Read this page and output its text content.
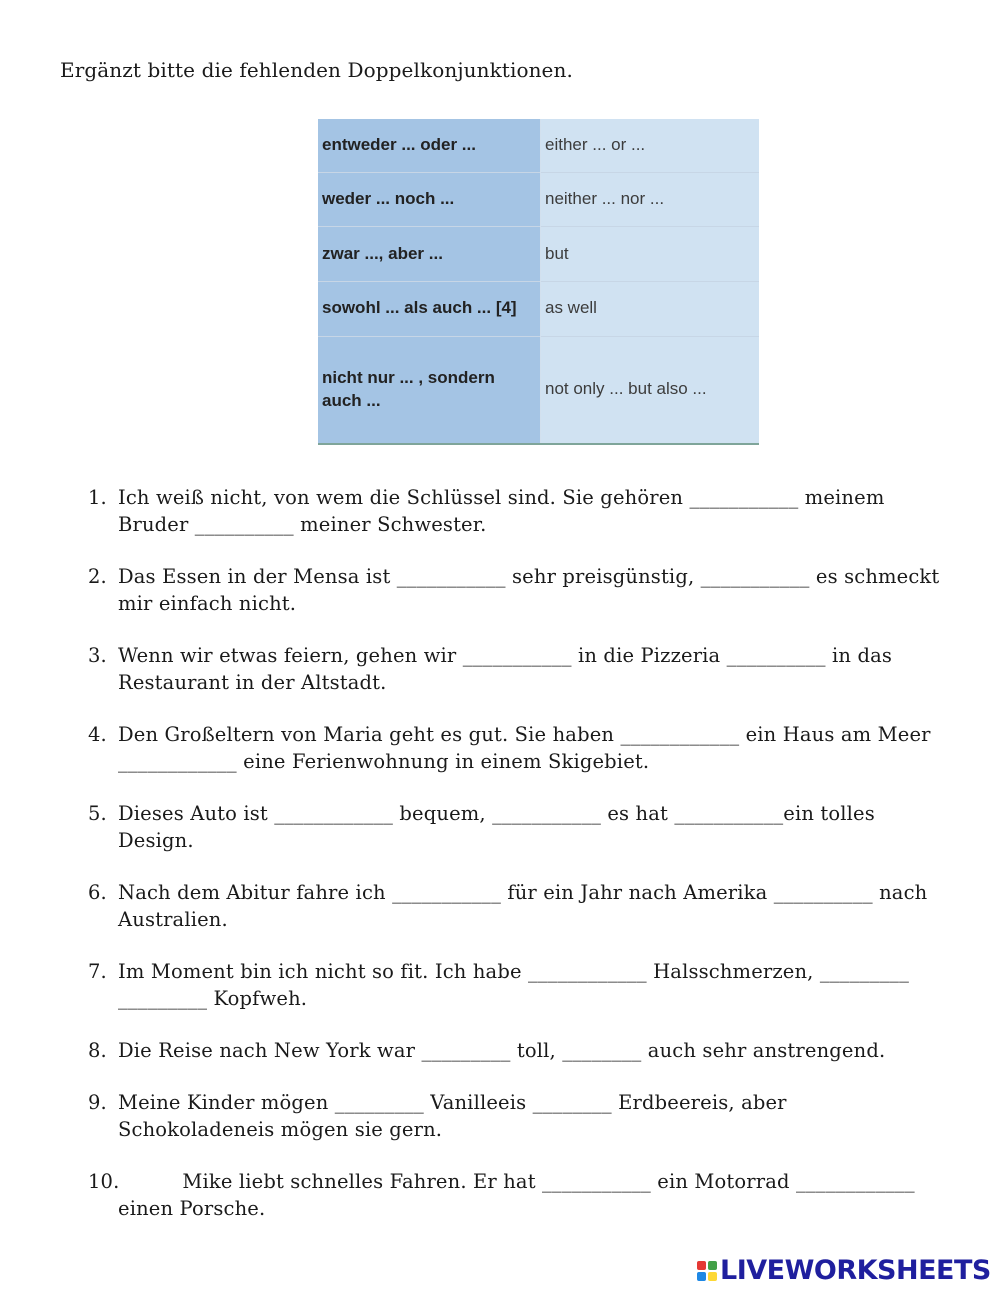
Ergänzt bitte die fehlenden Doppelkonjunktionen.
entweder ... oder ...	either ... or ...
weder ... noch ...	neither ... nor ...
zwar ..., aber ...	but
sowohl ... als auch ... [4]	as well
nicht nur ... , sondern auch ...	not only ... but also ...
1. Ich weiß nicht, von wem die Schlüssel sind. Sie gehören ___________ meinem Bruder __________ meiner Schwester.
2. Das Essen in der Mensa ist ___________ sehr preisgünstig, ___________ es schmeckt mir einfach nicht.
3. Wenn wir etwas feiern, gehen wir ___________ in die Pizzeria __________ in das Restaurant in der Altstadt.
4. Den Großeltern von Maria geht es gut. Sie haben ____________ ein Haus am Meer ____________ eine Ferienwohnung in einem Skigebiet.
5. Dieses Auto ist ____________ bequem, ___________ es hat ___________ein tolles Design.
6. Nach dem Abitur fahre ich ___________ für ein Jahr nach Amerika __________ nach Australien.
7. Im Moment bin ich nicht so fit. Ich habe ____________ Halsschmerzen, _________ _________ Kopfweh.
8. Die Reise nach New York war _________ toll, ________ auch sehr anstrengend.
9. Meine Kinder mögen _________ Vanilleeis ________ Erdbeereis, aber Schokoladeneis mögen sie gern.
10.	Mike liebt schnelles Fahren. Er hat ___________ ein Motorrad ____________ einen Porsche.
LIVEWORKSHEETS
